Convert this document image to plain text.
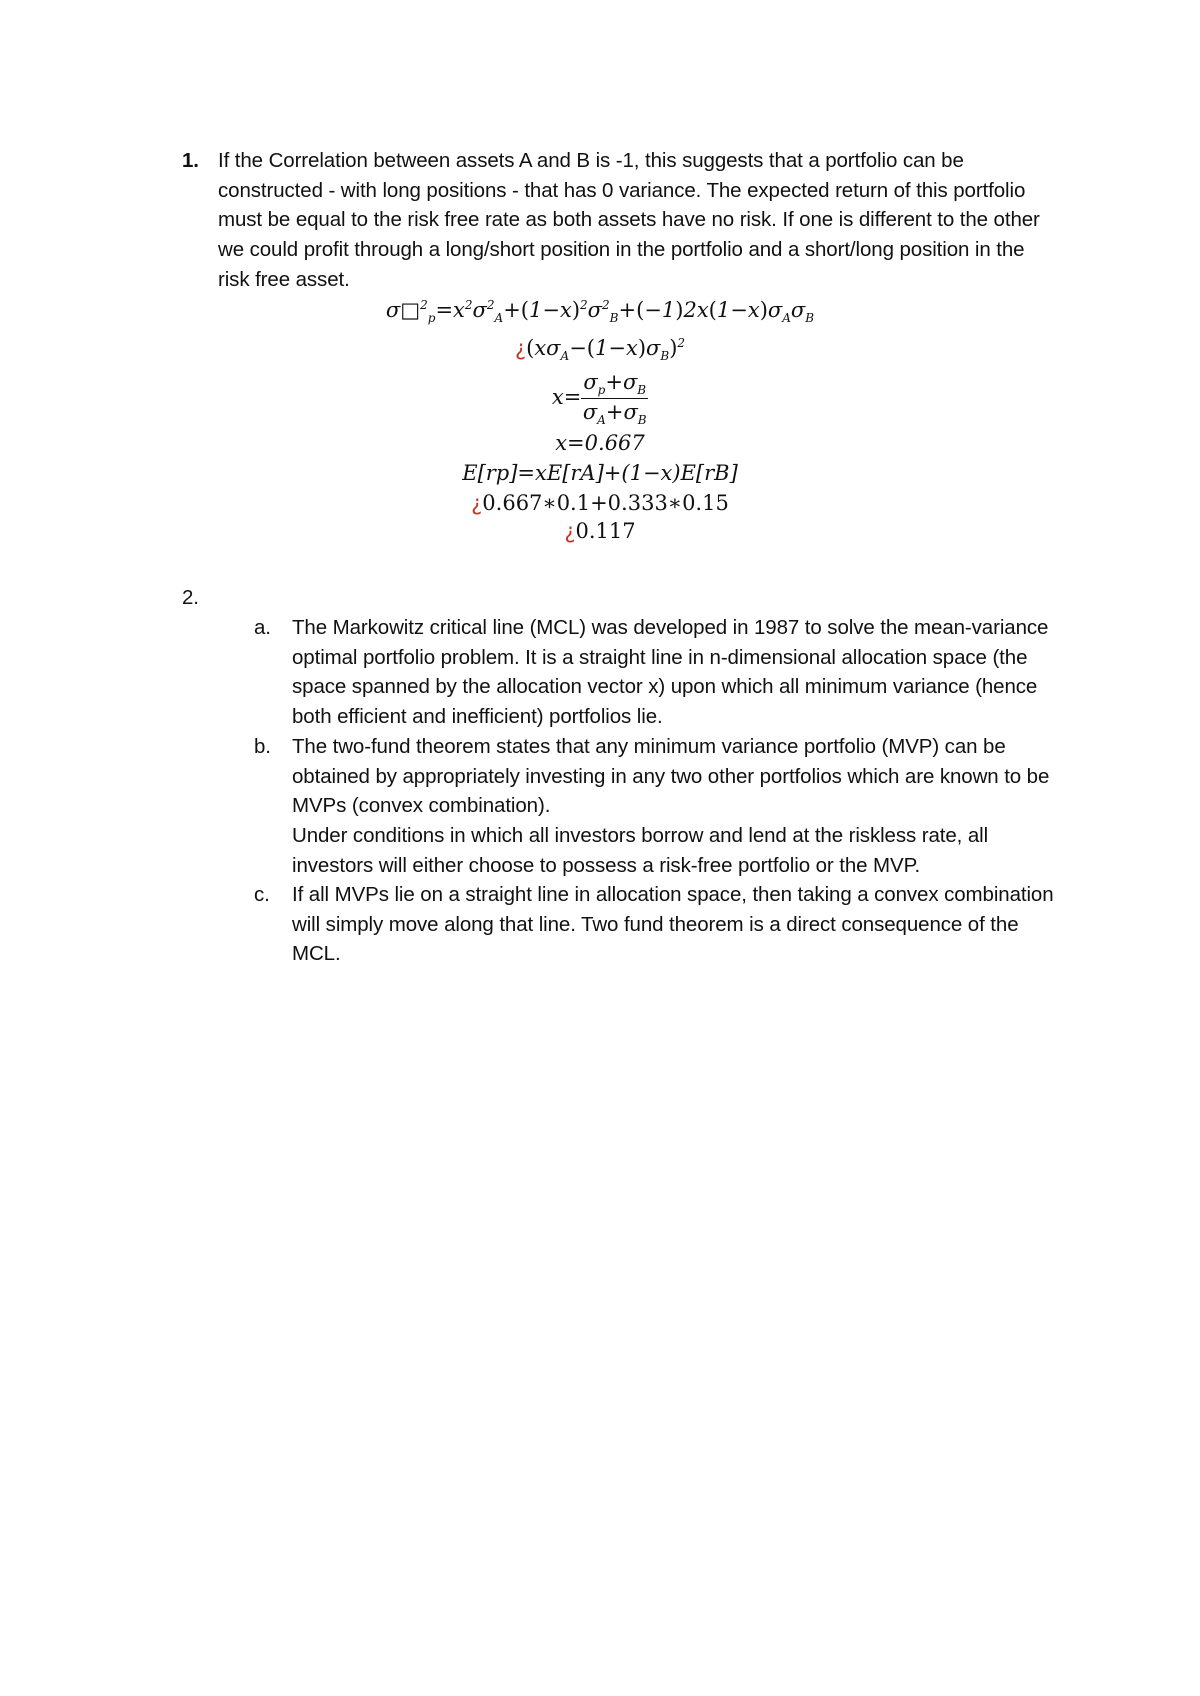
1. If the Correlation between assets A and B is -1, this suggests that a portfolio can be constructed - with long positions - that has 0 variance. The expected return of this portfolio must be equal to the risk free rate as both assets have no risk. If one is different to the other we could profit through a long/short position in the portfolio and a short/long position in the risk free asset.
$\sigma□^2_p=x^2\sigma^2_A+(1-x)^2\sigma^2_B+(-1)2x(1-x)\sigma_A\sigma_B$
¿$(x\sigma_A-(1-x)\sigma_B)^2$
$x= \frac{\sigma_p+\sigma_B}{\sigma_A+\sigma_B}$
x=0.667
E[rp]=xE[rA]+(1−x)E[rB]
¿0.667∗0.1+0.333∗0.15
¿0.117
2.
a. The Markowitz critical line (MCL) was developed in 1987 to solve the mean-variance optimal portfolio problem. It is a straight line in n-dimensional allocation space (the space spanned by the allocation vector x) upon which all minimum variance (hence both efficient and inefficient) portfolios lie.
b. The two-fund theorem states that any minimum variance portfolio (MVP) can be obtained by appropriately investing in any two other portfolios which are known to be MVPs (convex combination).
Under conditions in which all investors borrow and lend at the riskless rate, all investors will either choose to possess a risk-free portfolio or the MVP.
c. If all MVPs lie on a straight line in allocation space, then taking a convex combination will simply move along that line. Two fund theorem is a direct consequence of the MCL.
